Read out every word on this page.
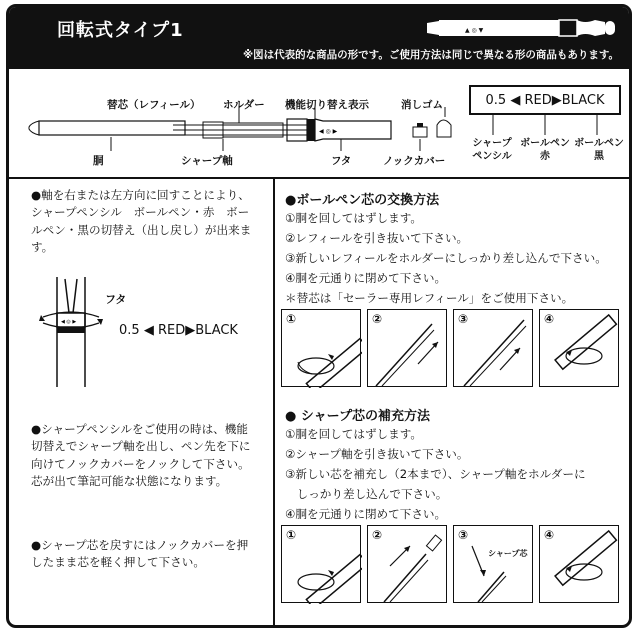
回転式タイプ1	▲ ◎ ▼
※図は代表的な商品の形です。ご使用方法は同じで異なる形の商品もあります。
替芯（レフィール） ホルダー 機能切り替え表示	消しゴム
◀ ◎ ▶
胴	シャープ軸	フタ	ノックカバー
0.5
◀
RED ▶ BLACK
シャープ
ペンシル
ボールペン
赤
ボールペン
黒
●軸を右または左方向に回すことにより、シャープペンシル　ボールペン・赤　ボールペン・黒の切替え（出し戻し）が出来ます。
◀ ◎ ▶
フタ
0.5 ◀ RED▶BLACK
●シャープペンシルをご使用の時は、機能切替えでシャープ軸を出し、ペン先を下に向けてノックカバーをノックして下さい。芯が出て筆記可能な状態になります。
●シャープ芯を戻すにはノックカバーを押したまま芯を軽く押して下さい。
●ボールペン芯の交換方法
①胴を回してはずします。
②レフィールを引き抜いて下さい。
③新しいレフィールをホルダーにしっかり差し込んで下さい。
④胴を元通りに閉めて下さい。
＊替芯は「セーラー専用レフィール」をご使用下さい。
①	②	③	④
● シャープ芯の補充方法
①胴を回してはずします。
②シャープ軸を引き抜いて下さい。
③新しい芯を補充し（2本まで）、シャープ軸をホルダーに
　しっかり差し込んで下さい。
④胴を元通りに閉めて下さい。
①	②	③
シャープ芯
④
